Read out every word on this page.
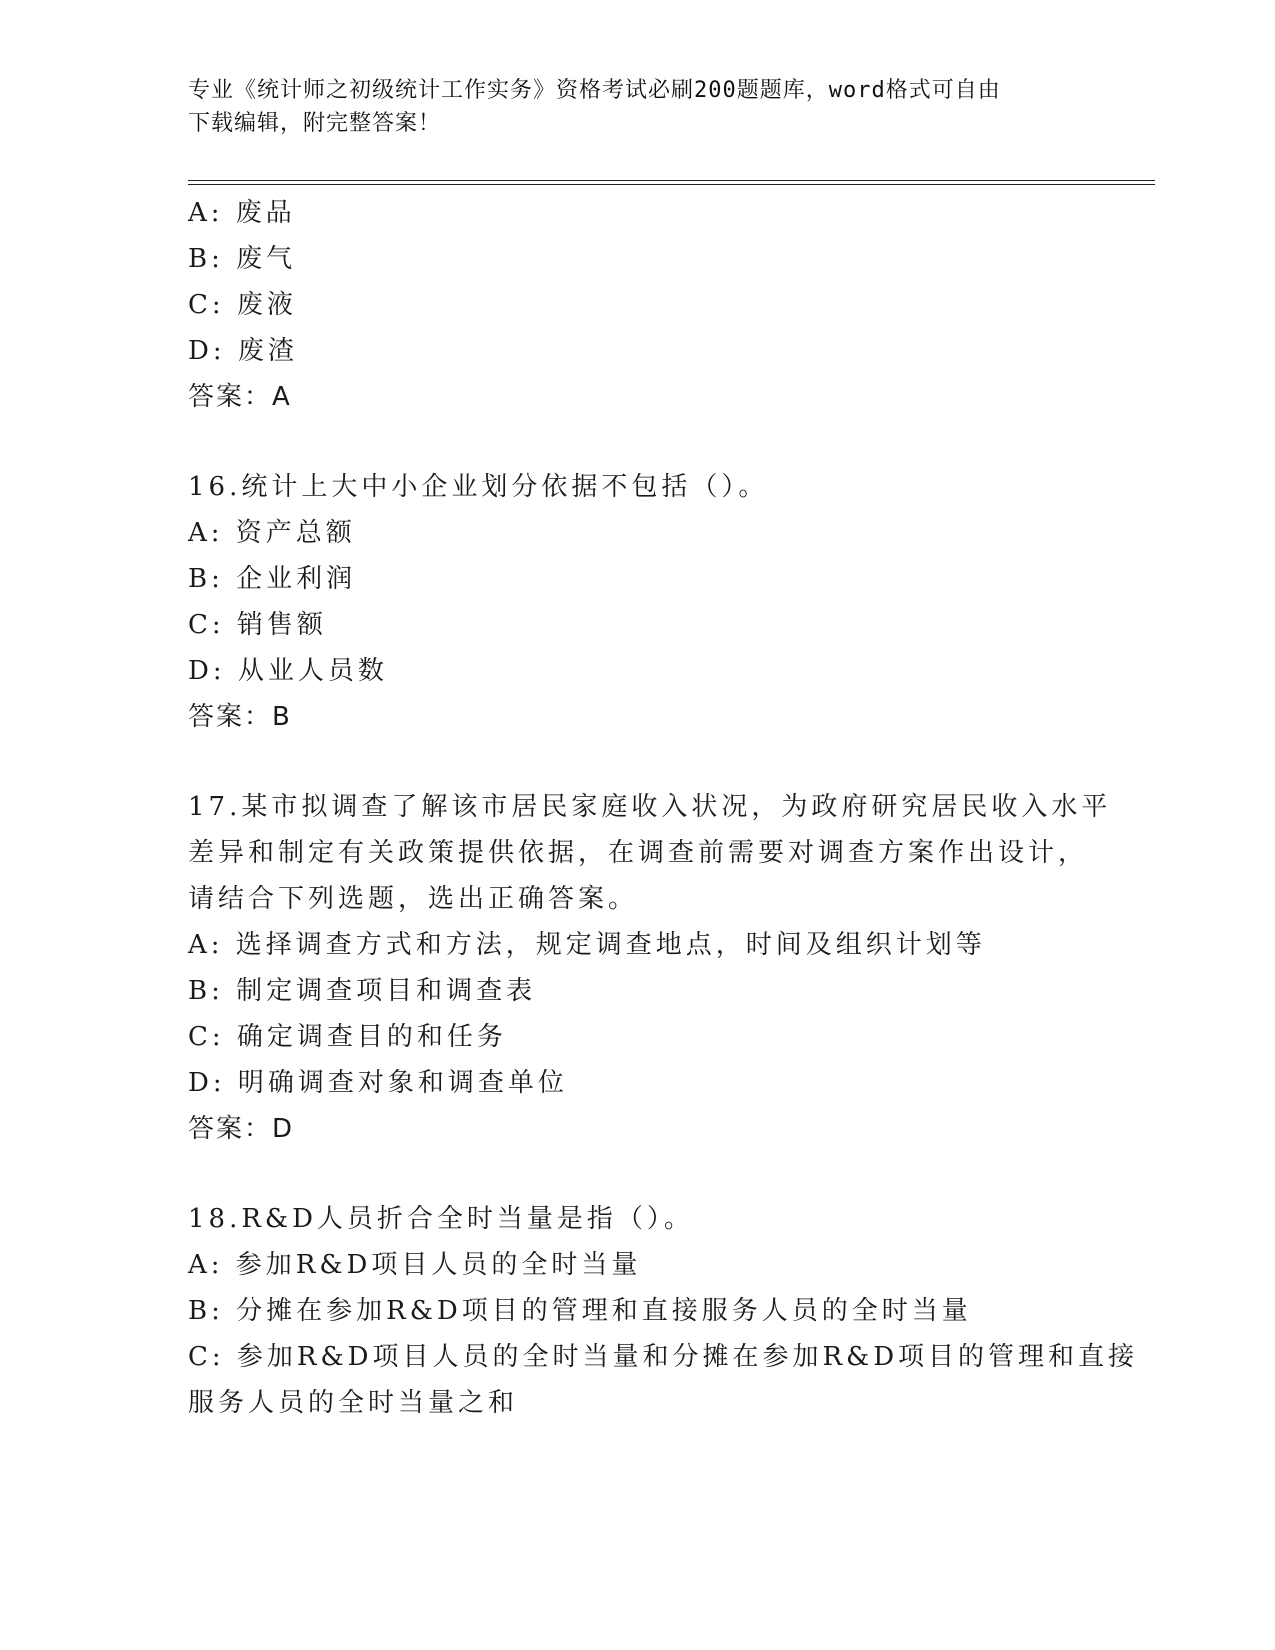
专业《统计师之初级统计工作实务》资格考试必刷200题题库，word格式可自由
下载编辑，附完整答案！
A: 废品
B: 废气
C: 废液
D: 废渣
答案：A
16.统计上大中小企业划分依据不包括（）。
A: 资产总额
B: 企业利润
C: 销售额
D: 从业人员数
答案：B
17.某市拟调查了解该市居民家庭收入状况，为政府研究居民收入水平
差异和制定有关政策提供依据，在调查前需要对调查方案作出设计，
请结合下列选题，选出正确答案。
A: 选择调查方式和方法，规定调查地点，时间及组织计划等
B: 制定调查项目和调查表
C: 确定调查目的和任务
D: 明确调查对象和调查单位
答案：D
18.R&D人员折合全时当量是指（）。
A: 参加R&D项目人员的全时当量
B: 分摊在参加R&D项目的管理和直接服务人员的全时当量
C: 参加R&D项目人员的全时当量和分摊在参加R&D项目的管理和直接
服务人员的全时当量之和
